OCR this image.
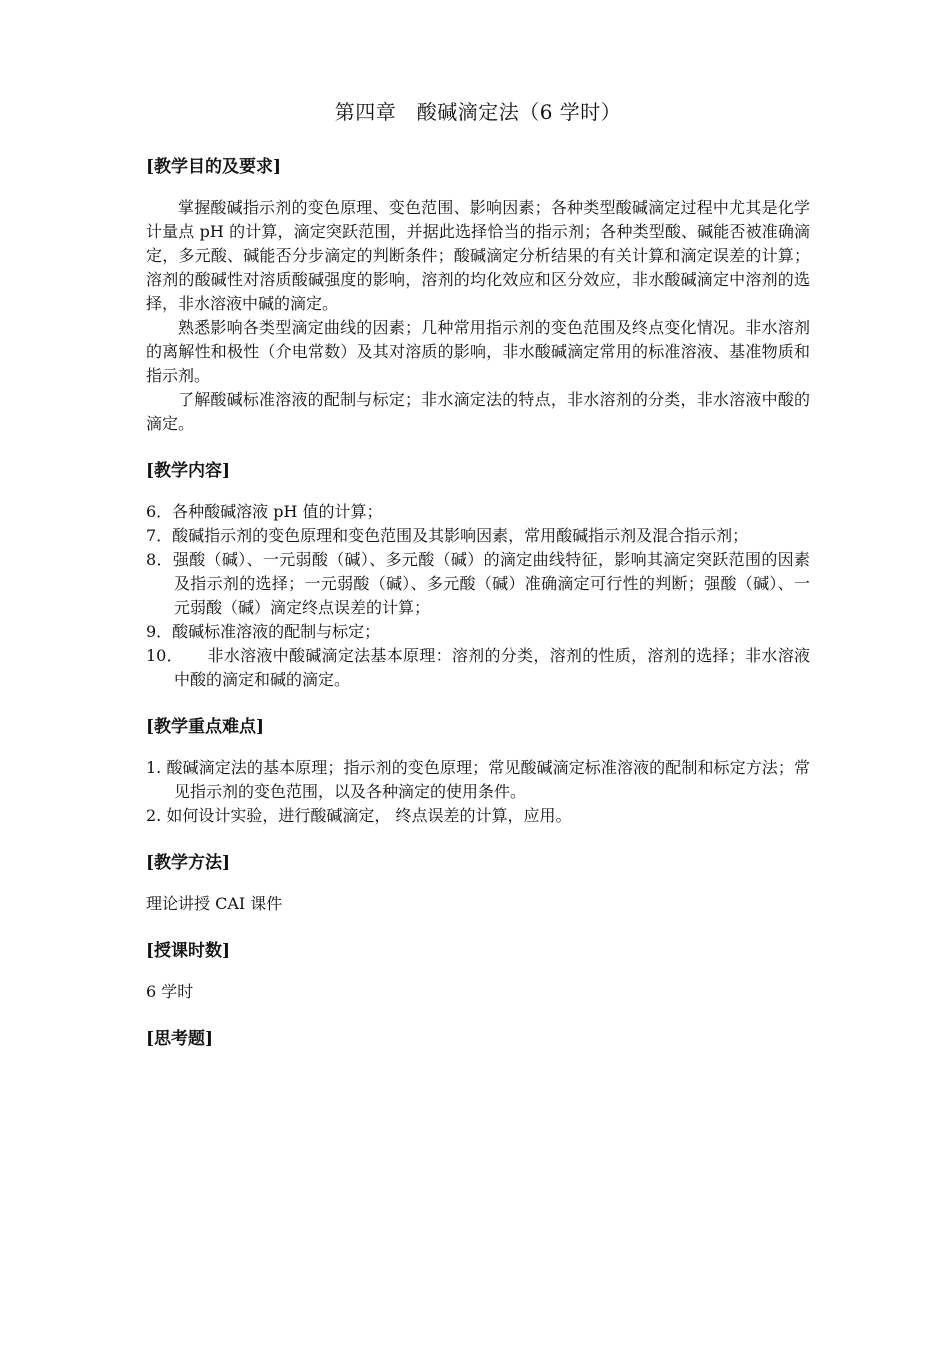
第四章　酸碱滴定法（6 学时）
[教学目的及要求]

掌握酸碱指示剂的变色原理、变色范围、影响因素；各种类型酸碱滴定过程中尤其是化学计量点 pH 的计算，滴定突跃范围，并据此选择恰当的指示剂；各种类型酸、碱能否被准确滴定，多元酸、碱能否分步滴定的判断条件；酸碱滴定分析结果的有关计算和滴定误差的计算；溶剂的酸碱性对溶质酸碱强度的影响，溶剂的均化效应和区分效应，非水酸碱滴定中溶剂的选择，非水溶液中碱的滴定。

熟悉影响各类型滴定曲线的因素；几种常用指示剂的变色范围及终点变化情况。非水溶剂的离解性和极性（介电常数）及其对溶质的影响，非水酸碱滴定常用的标准溶液、基准物质和指示剂。

了解酸碱标准溶液的配制与标定；非水滴定法的特点，非水溶剂的分类，非水溶液中酸的滴定。

[教学内容]
6．各种酸碱溶液 pH 值的计算；
7．酸碱指示剂的变色原理和变色范围及其影响因素，常用酸碱指示剂及混合指示剂；
8．强酸（碱）、一元弱酸（碱）、多元酸（碱）的滴定曲线特征，影响其滴定突跃范围的因素及指示剂的选择；一元弱酸（碱）、多元酸（碱）准确滴定可行性的判断；强酸（碱）、一元弱酸（碱）滴定终点误差的计算；
9．酸碱标准溶液的配制与标定；
10．　　非水溶液中酸碱滴定法基本原理：溶剂的分类，溶剂的性质，溶剂的选择；非水溶液中酸的滴定和碱的滴定。
[教学重点难点]
1. 酸碱滴定法的基本原理；指示剂的变色原理；常见酸碱滴定标准溶液的配制和标定方法；常见指示剂的变色范围，以及各种滴定的使用条件。
2. 如何设计实验，进行酸碱滴定， 终点误差的计算，应用。
[教学方法]

理论讲授 CAI 课件

[授课时数]

6 学时

[思考题]
